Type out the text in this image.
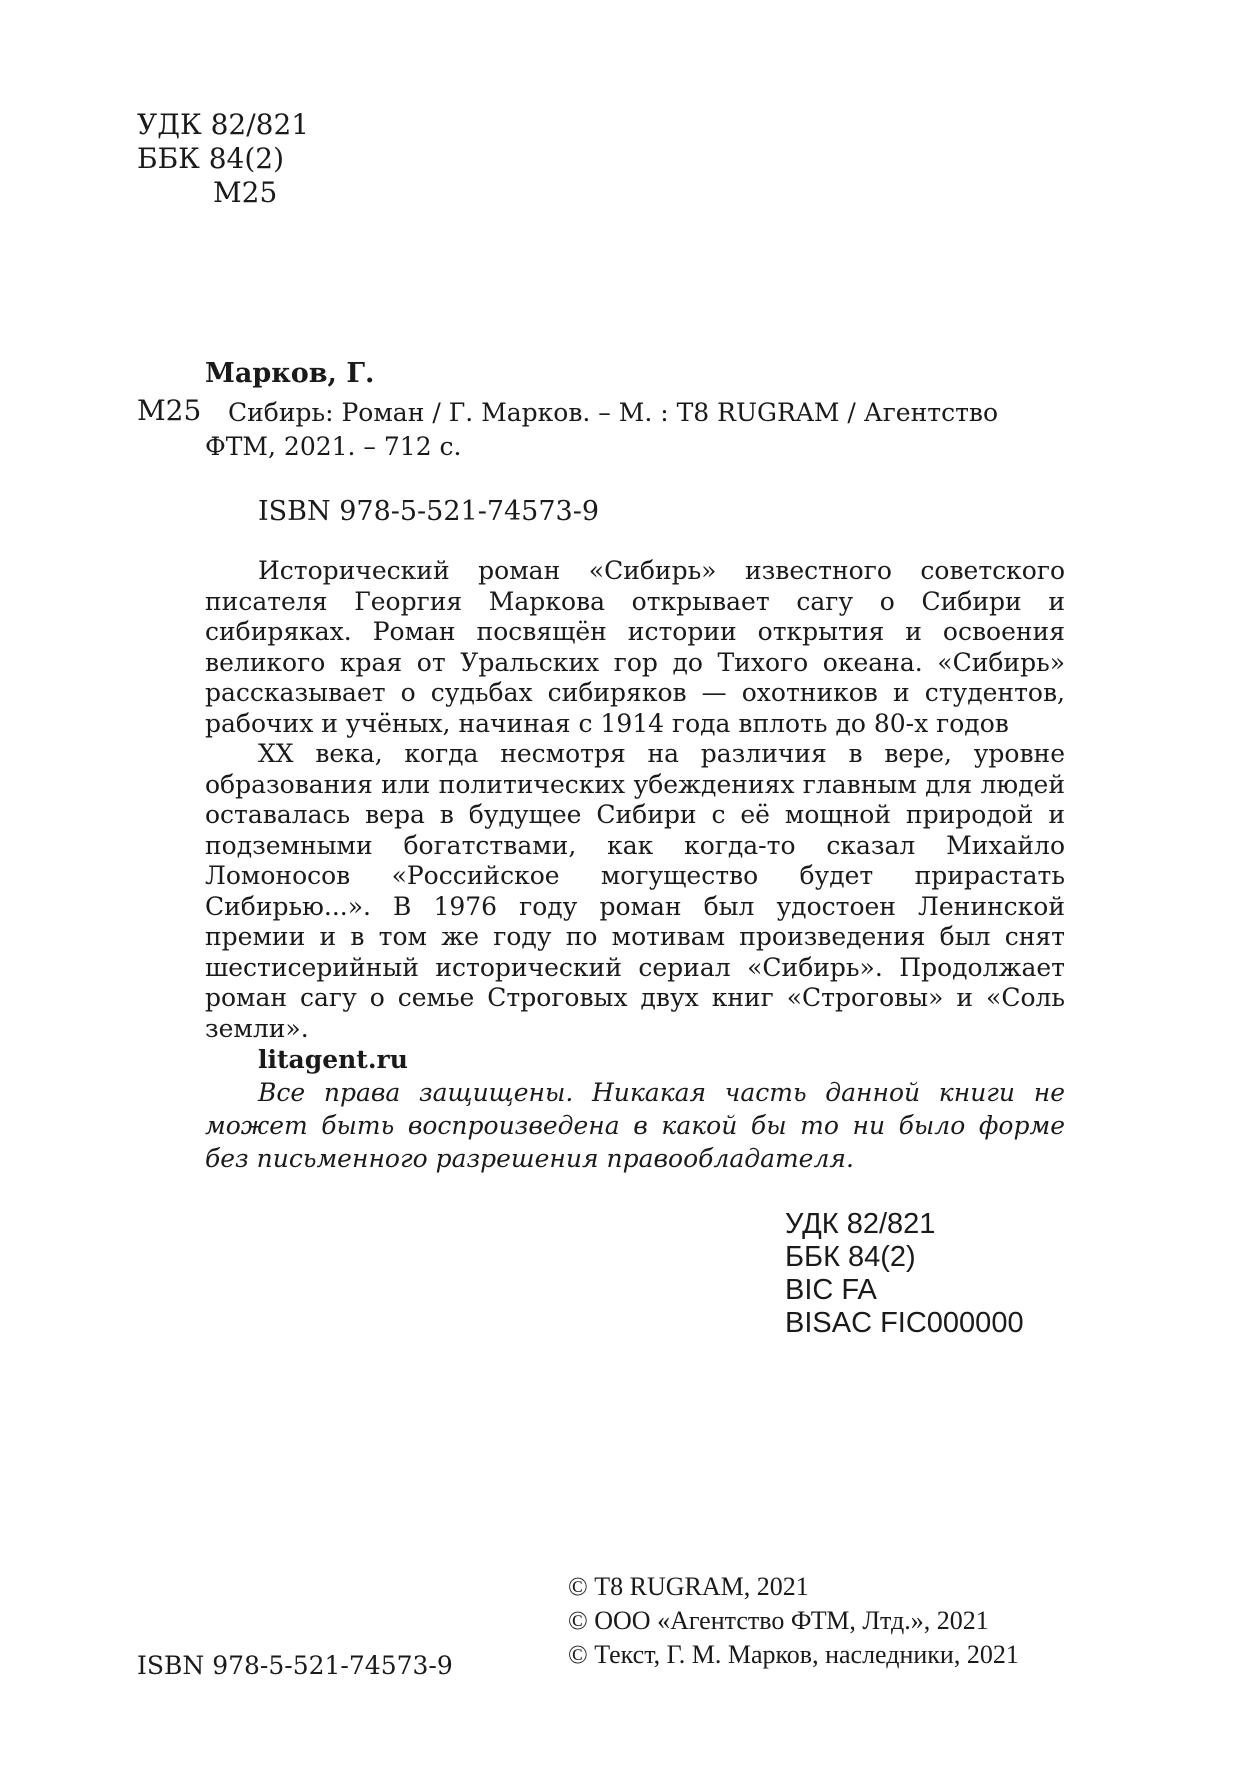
УДК 82/821
ББК 84(2)
М25
Марков, Г.
М25	Сибирь: Роман / Г. Марков. – М. : Т8 RUGRAM / Агентство
ФТМ, 2021. – 712 с.
ISBN 978-5-521-74573-9

Исторический роман «Сибирь» известного советского писателя Георгия Маркова открывает сагу о Сибири и сибиряках. Роман посвящён истории открытия и освоения великого края от Уральских гор до Тихого океана. «Сибирь» рассказывает о судьбах сибиряков — охотников и студентов, рабочих и учёных, начиная с 1914 года вплоть до 80-х годов

XX века, когда несмотря на различия в вере, уровне образования или политических убеждениях главным для людей оставалась вера в будущее Сибири с её мощной природой и подземными богатствами, как когда-то сказал Михайло Ломоносов «Российское могущество будет прирастать Сибирью...». В 1976 году роман был удостоен Ленинской премии и в том же году по мотивам произведения был снят шестисерийный исторический сериал «Сибирь». Продолжает роман сагу о семье Строговых двух книг «Строговы» и «Соль земли».

litagent.ru

Все права защищены. Никакая часть данной книги не может быть воспроизведена в какой бы то ни было форме без письменного разрешения правообладателя.

УДК 82/821
ББК 84(2)
BIC FA
BISAC FIC000000
© Т8 RUGRAM, 2021
© ООО «Агентство ФТМ, Лтд.», 2021
© Текст, Г. М. Марков, наследники, 2021
ISBN 978-5-521-74573-9
